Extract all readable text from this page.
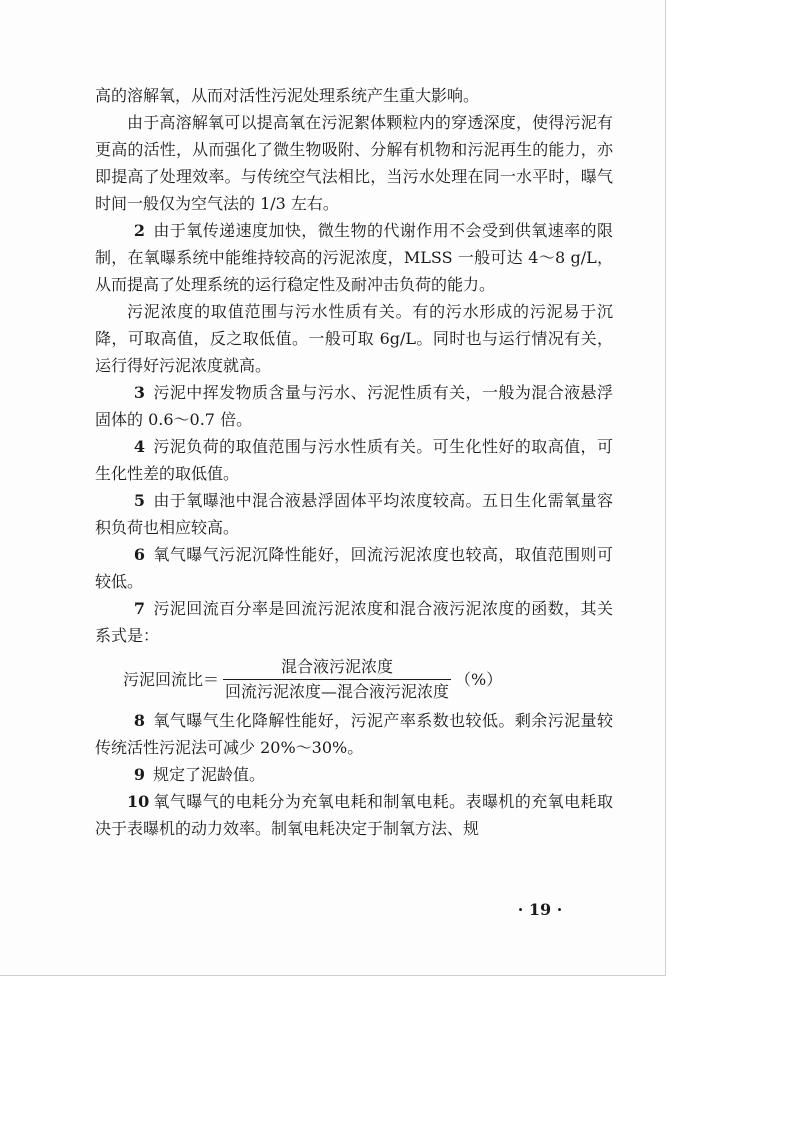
高的溶解氧，从而对活性污泥处理系统产生重大影响。

由于高溶解氧可以提高氧在污泥絮体颗粒内的穿透深度，使得污泥有更高的活性，从而强化了微生物吸附、分解有机物和污泥再生的能力，亦即提高了处理效率。与传统空气法相比，当污水处理在同一水平时，曝气时间一般仅为空气法的 1/3 左右。

2 由于氧传递速度加快，微生物的代谢作用不会受到供氧速率的限制，在氧曝系统中能维持较高的污泥浓度，MLSS 一般可达 4～8 g/L，从而提高了处理系统的运行稳定性及耐冲击负荷的能力。

污泥浓度的取值范围与污水性质有关。有的污水形成的污泥易于沉降，可取高值，反之取低值。一般可取 6g/L。同时也与运行情况有关，运行得好污泥浓度就高。

3 污泥中挥发物质含量与污水、污泥性质有关，一般为混合液悬浮固体的 0.6～0.7 倍。

4 污泥负荷的取值范围与污水性质有关。可生化性好的取高值，可生化性差的取低值。

5 由于氧曝池中混合液悬浮固体平均浓度较高。五日生化需氧量容积负荷也相应较高。

6 氧气曝气污泥沉降性能好，回流污泥浓度也较高，取值范围则可较低。

7 污泥回流百分率是回流污泥浓度和混合液污泥浓度的函数，其关系式是：

污泥回流比＝ $\frac{\text{混合液污泥浓度}}{\text{回流污泥浓度—混合液污泥浓度}}$ （%）

8 氧气曝气生化降解性能好，污泥产率系数也较低。剩余污泥量较传统活性污泥法可减少 20%～30%。

9 规定了泥龄值。

10 氧气曝气的电耗分为充氧电耗和制氧电耗。表曝机的充氧电耗取决于表曝机的动力效率。制氧电耗决定于制氧方法、规

· 19 ·
